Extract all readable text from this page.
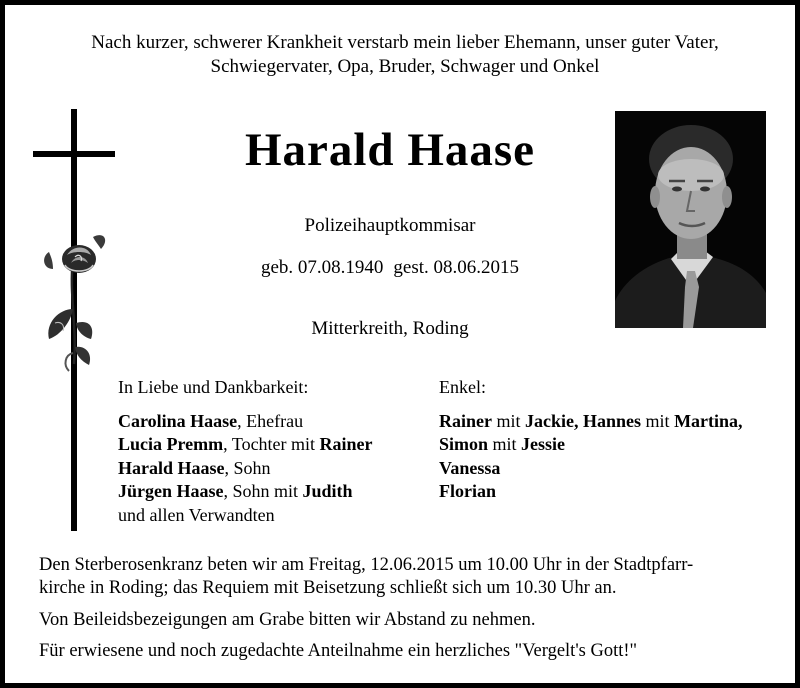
Nach kurzer, schwerer Krankheit verstarb mein lieber Ehemann, unser guter Vater,
Schwiegervater, Opa, Bruder, Schwager und Onkel
Harald Haase
Polizeihauptkommisar
geb. 07.08.1940 gest. 08.06.2015
Mitterkreith, Roding
In Liebe und Dankbarkeit:
Carolina Haase, Ehefrau
Lucia Premm, Tochter mit Rainer
Harald Haase, Sohn
Jürgen Haase, Sohn mit Judith
und allen Verwandten
Enkel:
Rainer mit Jackie, Hannes mit Martina,
Simon mit Jessie
Vanessa
Florian
Den Sterberosenkranz beten wir am Freitag, 12.06.2015 um 10.00 Uhr in der Stadtpfarr-
kirche in Roding; das Requiem mit Beisetzung schließt sich um 10.30 Uhr an.
Von Beileidsbezeigungen am Grabe bitten wir Abstand zu nehmen.
Für erwiesene und noch zugedachte Anteilnahme ein herzliches "Vergelt's Gott!"
